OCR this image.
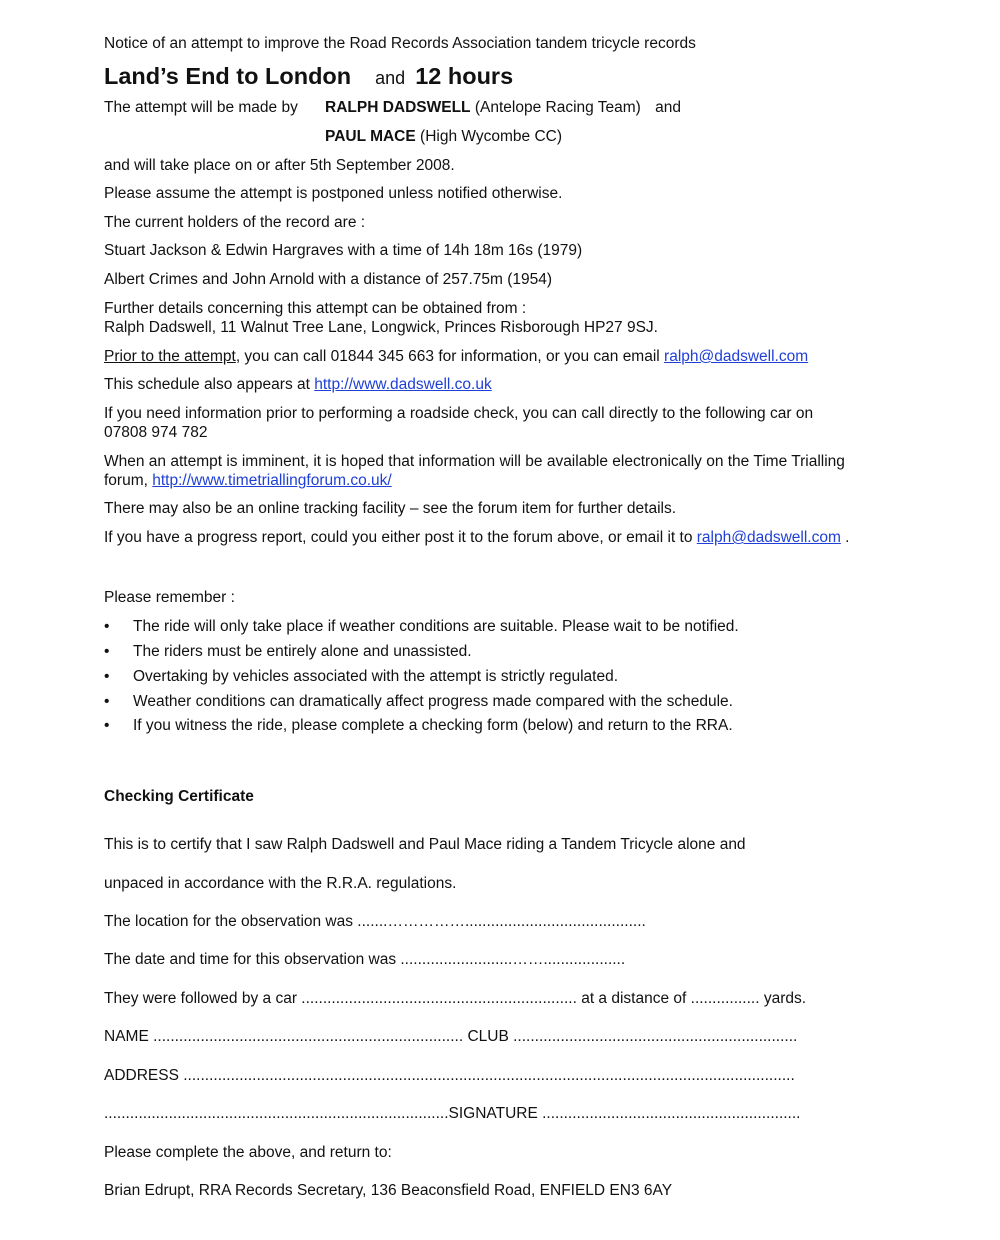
Notice of an attempt to improve the Road Records Association tandem tricycle records
Land’s End to London and 12 hours
The attempt will be made by RALPH DADSWELL (Antelope Racing Team) and
PAUL MACE (High Wycombe CC)
and will take place on or after 5th September 2008.
Please assume the attempt is postponed unless notified otherwise.
The current holders of the record are :
Stuart Jackson & Edwin Hargraves with a time of 14h 18m 16s (1979)
Albert Crimes and John Arnold with a distance of 257.75m (1954)
Further details concerning this attempt can be obtained from :
Ralph Dadswell, 11 Walnut Tree Lane, Longwick, Princes Risborough HP27 9SJ.
Prior to the attempt, you can call 01844 345 663 for information, or you can email ralph@dadswell.com
This schedule also appears at http://www.dadswell.co.uk
If you need information prior to performing a roadside check, you can call directly to the following car on
07808 974 782
When an attempt is imminent, it is hoped that information will be available electronically on the Time Trialling
forum, http://www.timetriallingforum.co.uk/
There may also be an online tracking facility – see the forum item for further details.
If you have a progress report, could you either post it to the forum above, or email it to ralph@dadswell.com .
Please remember :
• The ride will only take place if weather conditions are suitable. Please wait to be notified.
• The riders must be entirely alone and unassisted.
• Overtaking by vehicles associated with the attempt is strictly regulated.
• Weather conditions can dramatically affect progress made compared with the schedule.
• If you witness the ride, please complete a checking form (below) and return to the RRA.
Checking Certificate
This is to certify that I saw Ralph Dadswell and Paul Mace riding a Tandem Tricycle alone and
unpaced in accordance with the R.R.A. regulations.
The location for the observation was .......……………..........................................
The date and time for this observation was ..........................……...................
They were followed by a car ................................................................ at a distance of ................ yards.
NAME ........................................................................ CLUB ..................................................................
ADDRESS ..............................................................................................................................................
................................................................................SIGNATURE ............................................................
Please complete the above, and return to:
Brian Edrupt, RRA Records Secretary, 136 Beaconsfield Road, ENFIELD EN3 6AY
